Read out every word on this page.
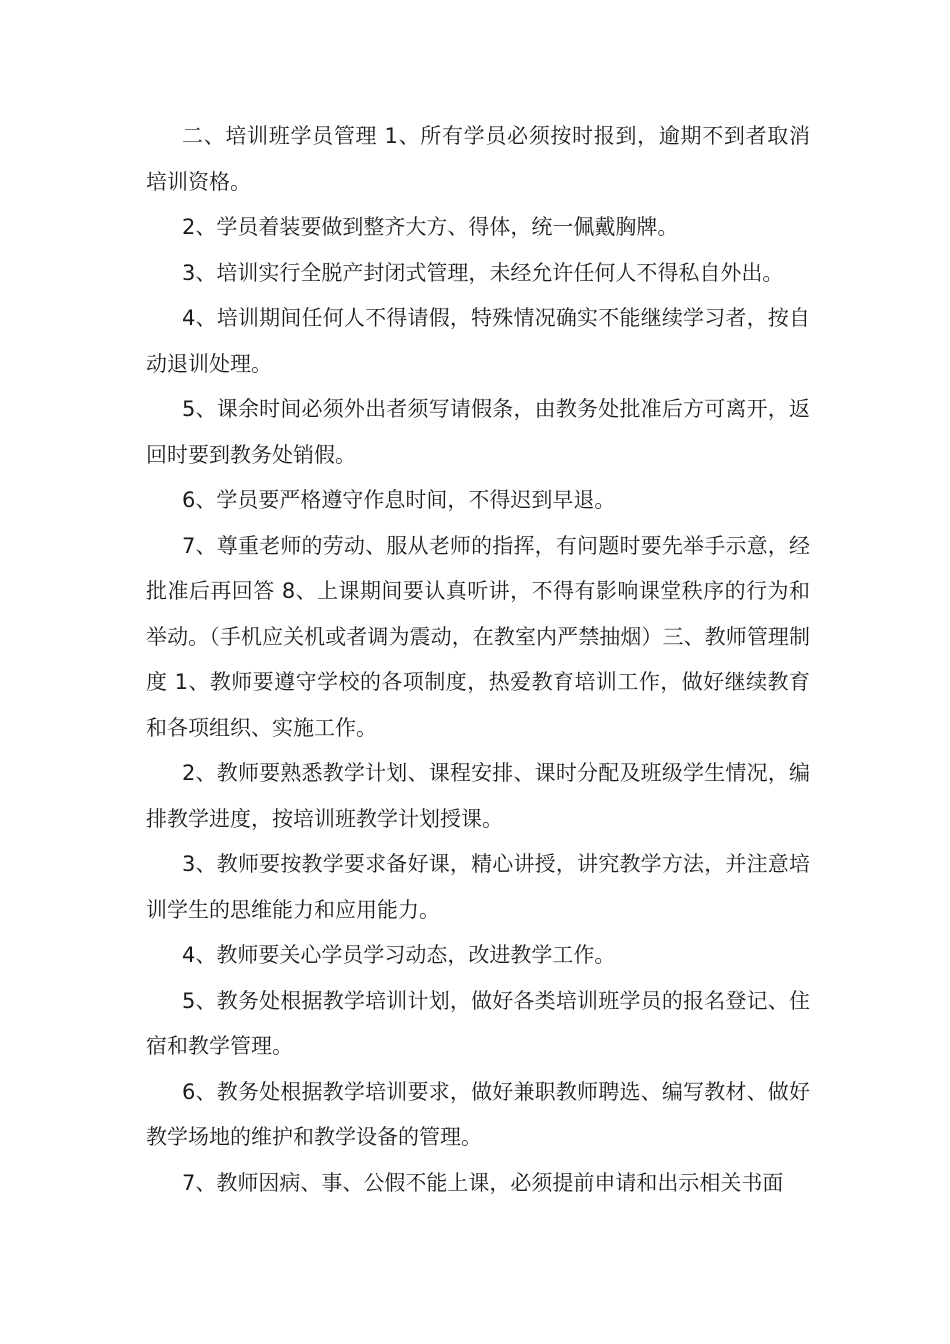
二、培训班学员管理 1、所有学员必须按时报到，逾期不到者取消培训资格。

2、学员着装要做到整齐大方、得体，统一佩戴胸牌。

3、培训实行全脱产封闭式管理，未经允许任何人不得私自外出。

4、培训期间任何人不得请假，特殊情况确实不能继续学习者，按自动退训处理。

5、课余时间必须外出者须写请假条，由教务处批准后方可离开，返回时要到教务处销假。

6、学员要严格遵守作息时间，不得迟到早退。

7、尊重老师的劳动、服从老师的指挥，有问题时要先举手示意，经批准后再回答 8、上课期间要认真听讲，不得有影响课堂秩序的行为和举动。（手机应关机或者调为震动，在教室内严禁抽烟）三、教师管理制度 1、教师要遵守学校的各项制度，热爱教育培训工作，做好继续教育和各项组织、实施工作。

2、教师要熟悉教学计划、课程安排、课时分配及班级学生情况，编排教学进度，按培训班教学计划授课。

3、教师要按教学要求备好课，精心讲授，讲究教学方法，并注意培训学生的思维能力和应用能力。

4、教师要关心学员学习动态，改进教学工作。

5、教务处根据教学培训计划，做好各类培训班学员的报名登记、住宿和教学管理。

6、教务处根据教学培训要求，做好兼职教师聘选、编写教材、做好教学场地的维护和教学设备的管理。

7、教师因病、事、公假不能上课，必须提前申请和出示相关书面
